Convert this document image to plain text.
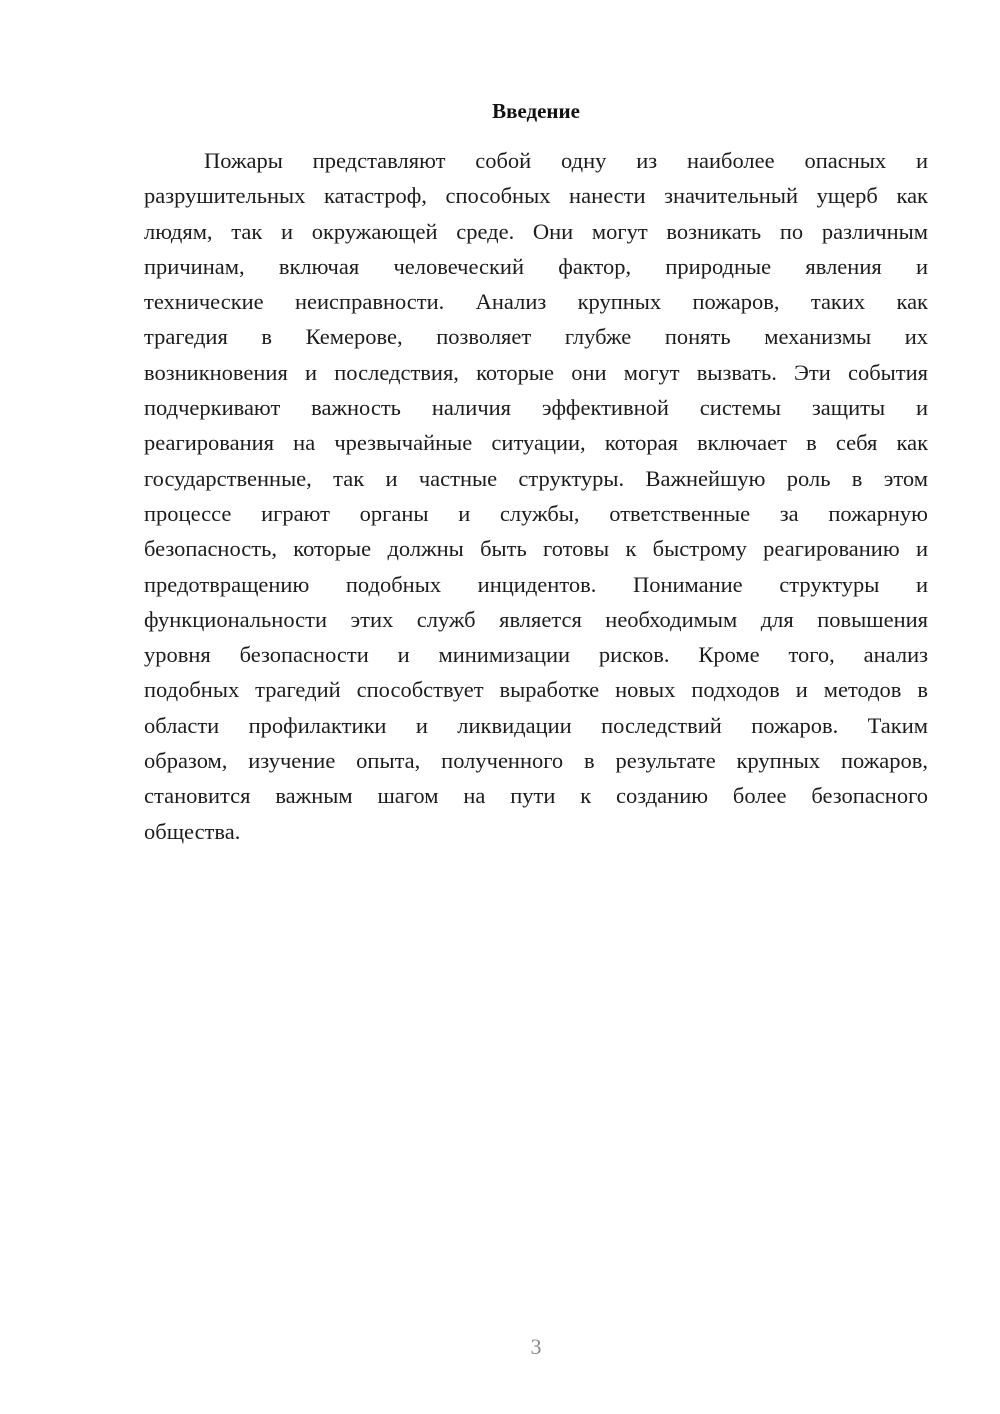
Введение
Пожары представляют собой одну из наиболее опасных и
разрушительных катастроф, способных нанести значительный ущерб как
людям, так и окружающей среде. Они могут возникать по различным
причинам, включая человеческий фактор, природные явления и
технические неисправности. Анализ крупных пожаров, таких как
трагедия в Кемерове, позволяет глубже понять механизмы их
возникновения и последствия, которые они могут вызвать. Эти события
подчеркивают важность наличия эффективной системы защиты и
реагирования на чрезвычайные ситуации, которая включает в себя как
государственные, так и частные структуры. Важнейшую роль в этом
процессе играют органы и службы, ответственные за пожарную
безопасность, которые должны быть готовы к быстрому реагированию и
предотвращению подобных инцидентов. Понимание структуры и
функциональности этих служб является необходимым для повышения
уровня безопасности и минимизации рисков. Кроме того, анализ
подобных трагедий способствует выработке новых подходов и методов в
области профилактики и ликвидации последствий пожаров. Таким
образом, изучение опыта, полученного в результате крупных пожаров,
становится важным шагом на пути к созданию более безопасного
общества.
3
